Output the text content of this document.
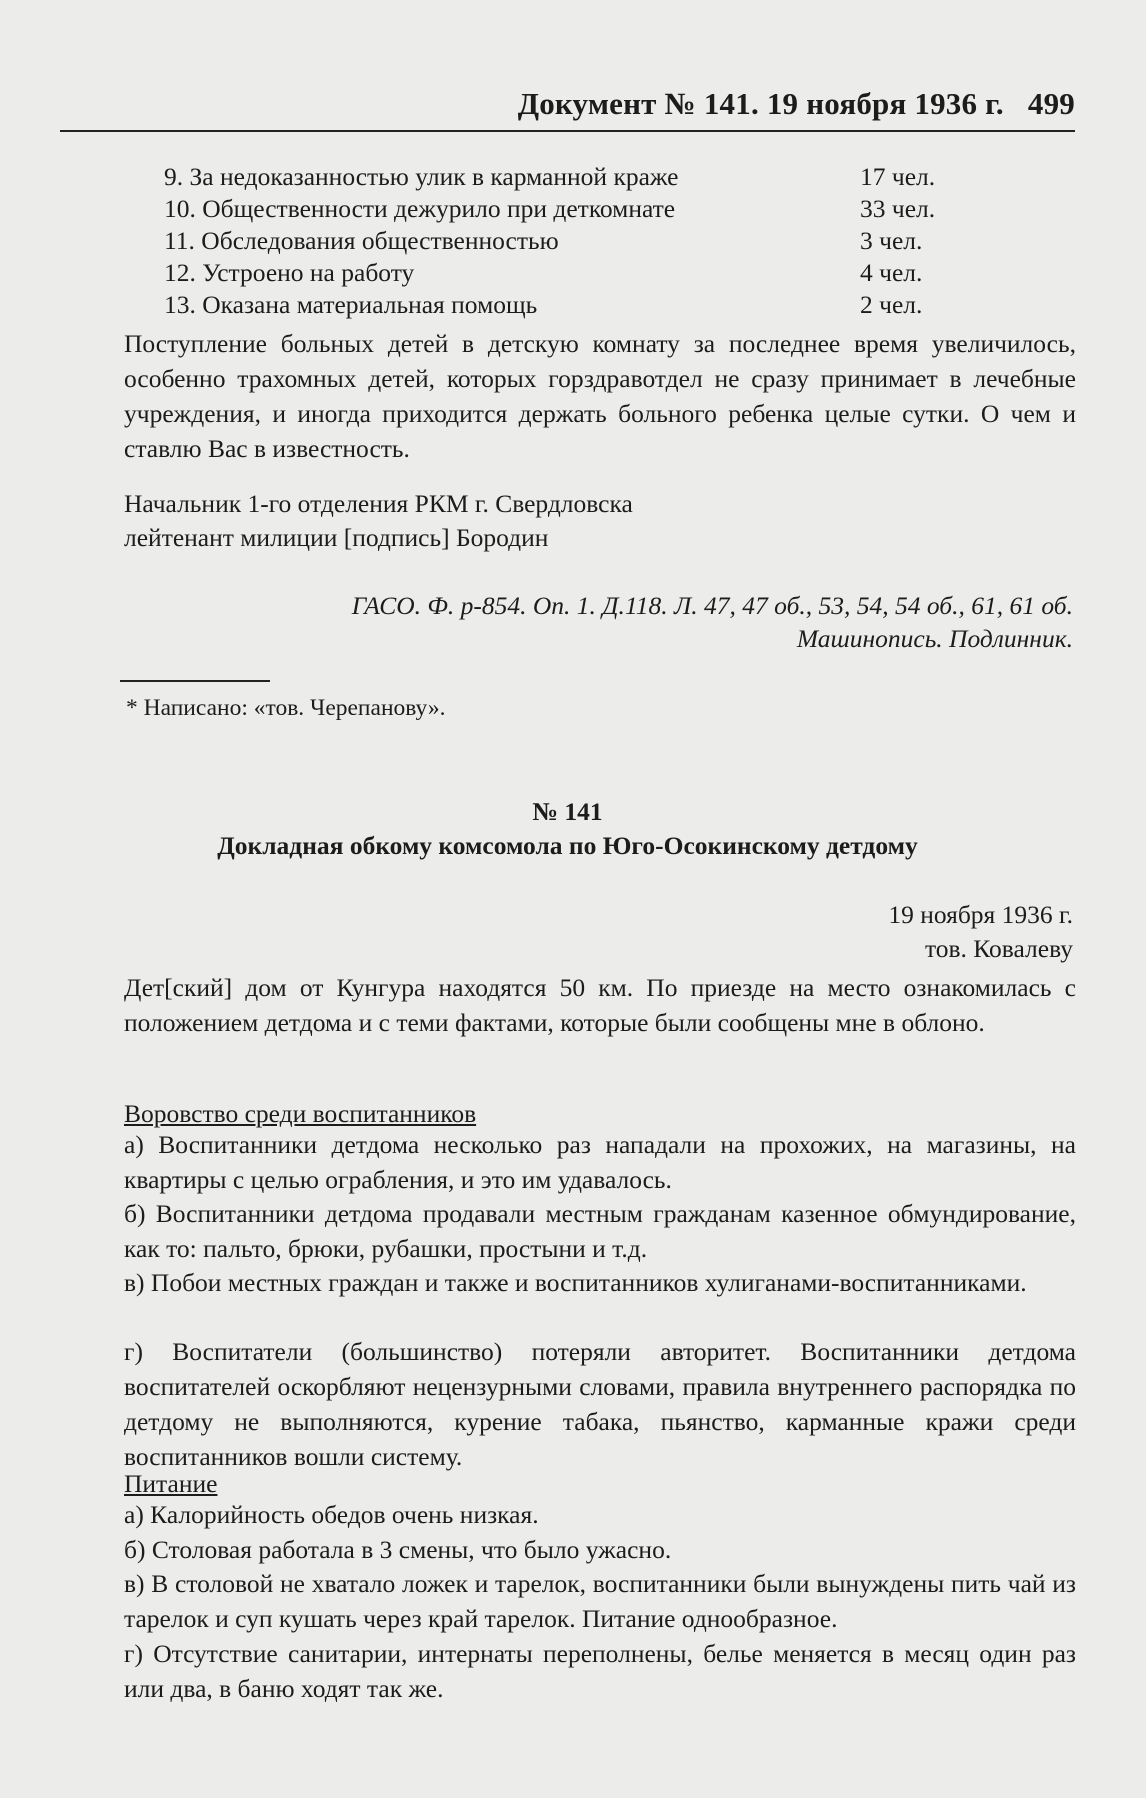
Документ № 141. 19 ноября 1936 г. 499
9. За недоказанностью улик в карманной краже	17 чел.
10. Общественности дежурило при деткомнате	33 чел.
11. Обследования общественностью	3 чел.
12. Устроено на работу	4 чел.
13. Оказана материальная помощь	2 чел.
Поступление больных детей в детскую комнату за последнее время увеличилось, особенно трахомных детей, которых горздравотдел не сразу принимает в лечебные учреждения, и иногда приходится держать больного ребенка целые сутки. О чем и ставлю Вас в известность.
Начальник 1-го отделения РКМ г. Свердловска
лейтенант милиции [подпись] Бородин
ГАСО. Ф. р-854. Оп. 1. Д.118. Л. 47, 47 об., 53, 54, 54 об., 61, 61 об.
Машинопись. Подлинник.
* Написано: «тов. Черепанову».
№ 141
Докладная обкому комсомола по Юго-Осокинскому детдому
19 ноября 1936 г.
тов. Ковалеву
Дет[ский] дом от Кунгура находятся 50 км. По приезде на место ознакомилась с положением детдома и с теми фактами, которые были сообщены мне в облоно.
Воровство среди воспитанников
а) Воспитанники детдома несколько раз нападали на прохожих, на магазины, на квартиры с целью ограбления, и это им удавалось.
б) Воспитанники детдома продавали местным гражданам казенное обмундирование, как то: пальто, брюки, рубашки, простыни и т.д.
в) Побои местных граждан и также и воспитанников хулиганами-воспитанниками.
г) Воспитатели (большинство) потеряли авторитет. Воспитанники детдома воспитателей оскорбляют нецензурными словами, правила внутреннего распорядка по детдому не выполняются, курение табака, пьянство, карманные кражи среди воспитанников вошли систему.
Питание
а) Калорийность обедов очень низкая.
б) Столовая работала в 3 смены, что было ужасно.
в) В столовой не хватало ложек и тарелок, воспитанники были вынуждены пить чай из тарелок и суп кушать через край тарелок. Питание однообразное.
г) Отсутствие санитарии, интернаты переполнены, белье меняется в месяц один раз или два, в баню ходят так же.
